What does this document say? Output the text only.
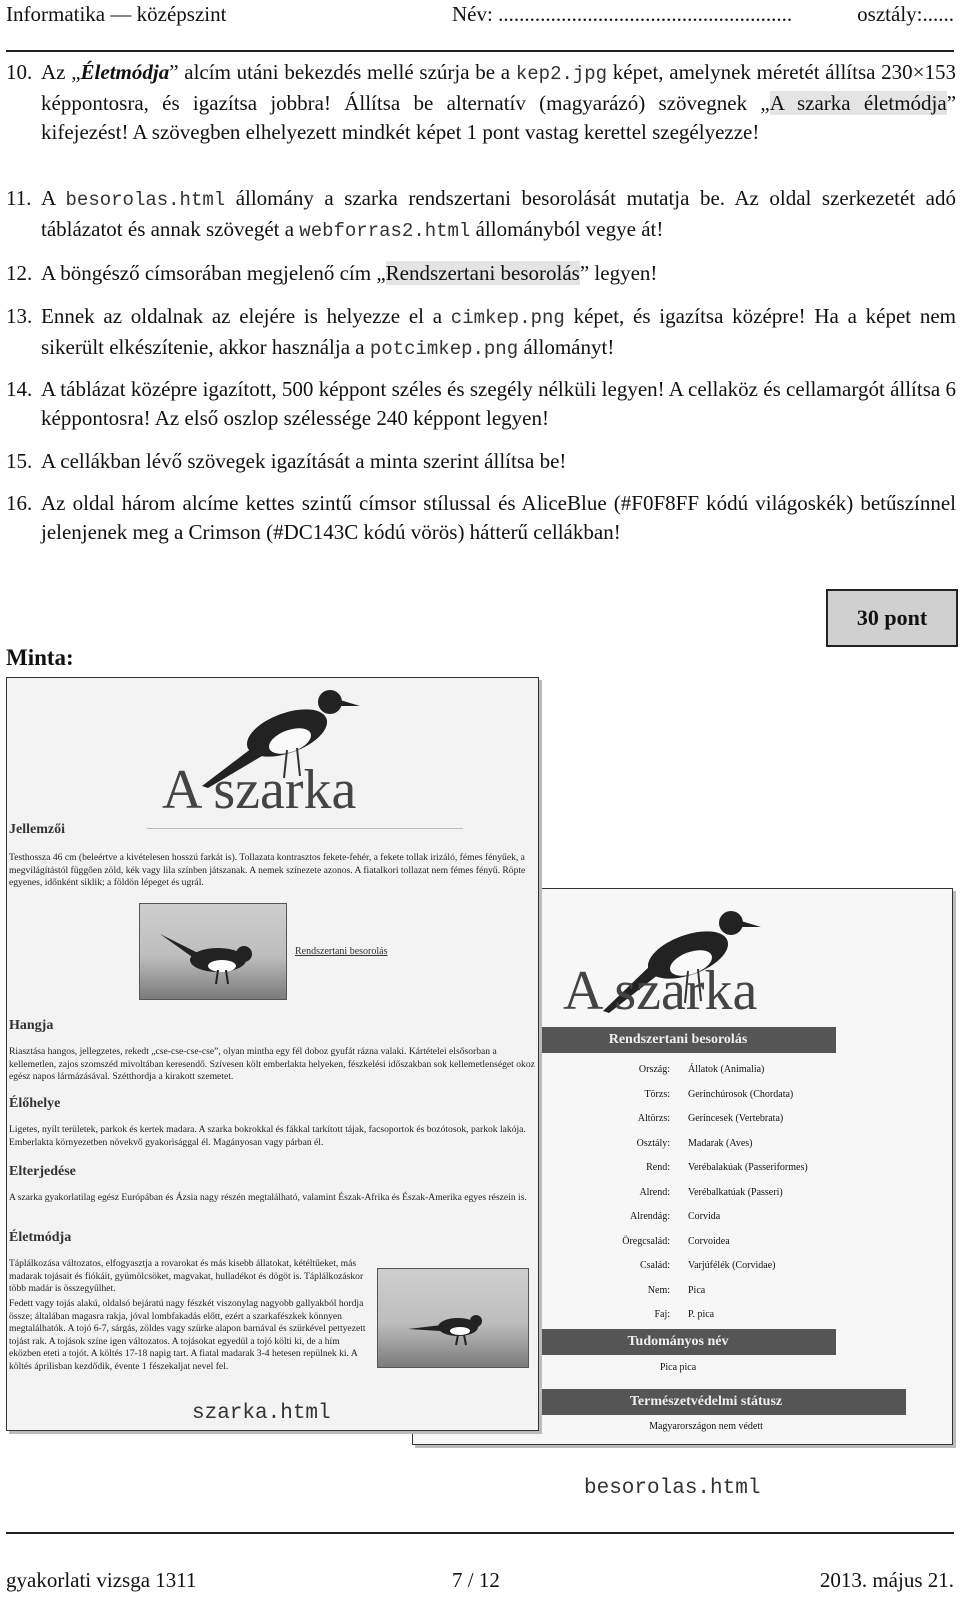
Informatika — középszint	Név: ........................................................	osztály:......
10. Az „Életmódja” alcím utáni bekezdés mellé szúrja be a kep2.jpg képet, amelynek méretét állítsa 230×153 képpontosra, és igazítsa jobbra! Állítsa be alternatív (magyarázó) szövegnek „A szarka életmódja” kifejezést! A szövegben elhelyezett mindkét képet 1 pont vastag kerettel szegélyezze!
11. A besorolas.html állomány a szarka rendszertani besorolását mutatja be. Az oldal szerkezetét adó táblázatot és annak szövegét a webforras2.html állományból vegye át!
12. A böngésző címsorában megjelenő cím „Rendszertani besorolás” legyen!
13. Ennek az oldalnak az elejére is helyezze el a cimkep.png képet, és igazítsa középre! Ha a képet nem sikerült elkészítenie, akkor használja a potcimkep.png állományt!
14. A táblázat középre igazított, 500 képpont széles és szegély nélküli legyen! A cellaköz és cellamargót állítsa 6 képpontosra! Az első oszlop szélessége 240 képpont legyen!
15. A cellákban lévő szövegek igazítását a minta szerint állítsa be!
16. Az oldal három alcíme kettes szintű címsor stílussal és AliceBlue (#F0F8FF kódú világoskék) betűszínnel jelenjenek meg a Crimson (#DC143C kódú vörös) hátterű cellákban!
30 pont
Minta:
A szarka
Rendszertani besorolás
Ország: Állatok (Animalia)
Törzs: Gerinchúrosok (Chordata)
Altörzs: Gerincesek (Vertebrata)
Osztály: Madarak (Aves)
Rend: Verébalakúak (Passeriformes)
Alrend: Verébalkatúak (Passeri)
Alrendág: Corvida
Öregcsalád: Corvoidea
Család: Varjúfélék (Corvidae)
Nem: Pica
Faj: P. pica
Tudományos név
Pica pica
Természetvédelmi státusz
Magyarországon nem védett
A szarka
Jellemzői
Testhossza 46 cm (beleértve a kivételesen hosszú farkát is). Tollazata kontrasztos fekete-fehér, a fekete tollak irizáló, fémes fényűek, a megvilágítástól függően zöld, kék vagy lila színben játszanak. A nemek színezete azonos. A fiatalkori tollazat nem fémes fényű. Röpte egyenes, időnként siklik; a földön lépeget és ugrál.
Rendszertani besorolás
Hangja
Riasztása hangos, jellegzetes, rekedt „cse-cse-cse-cse”, olyan mintha egy fél doboz gyufát rázna valaki. Kártételei elsősorban a kellemetlen, zajos szomszéd mivoltában keresendő. Szívesen költ emberlakta helyeken, fészkelési időszakban sok kellemetlenséget okoz egész napos lármázásával. Szétthordja a kirakott szemetet.
Élőhelye
Ligetes, nyílt területek, parkok és kertek madara. A szarka bokrokkal és fákkal tarkított tájak, facsoportok és bozótosok, parkok lakója. Emberlakta környezetben növekvő gyakorisággal él. Magányosan vagy párban él.
Elterjedése
A szarka gyakorlatilag egész Európában és Ázsia nagy részén megtalálható, valamint Észak-Afrika és Észak-Amerika egyes részein is.
Életmódja
Táplálkozása változatos, elfogyasztja a rovarokat és más kisebb állatokat, kétéltűeket, más madarak tojásait és fiókáit, gyümölcsöket, magvakat, hulladékot és dögöt is. Táplálkozáskor több madár is összegyűlhet.
Fedett vagy tojás alakú, oldalsó bejáratú nagy fészkét viszonylag nagyobb gallyakból hordja össze; általában magasra rakja, jóval lombfakadás előtt, ezért a szarkafészkek könnyen megtalálhatók. A tojó 6-7, sárgás, zöldes vagy szürke alapon barnával és szürkével pettyezett tojást rak. A tojások színe igen változatos. A tojásokat egyedül a tojó költi ki, de a hím eközben eteti a tojót. A költés 17-18 napig tart. A fiatal madarak 3-4 hetesen repülnek ki. A költés áprilisban kezdődik, évente 1 fészekaljat nevel fel.
szarka.html
besorolas.html
gyakorlati vizsga 1311	7 / 12	2013. május 21.
